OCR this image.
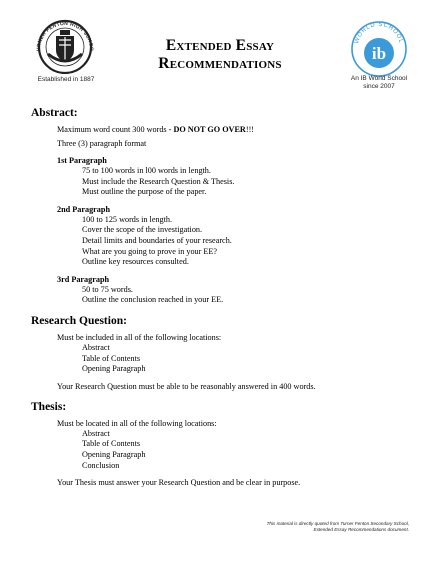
URNER FENTON HIGH SCHOO
Established in 1887
Extended Essay
Recommendations
WORLD SCHOOL
ib
An IB World School
since 2007
Abstract:
Maximum word count 300 words - DO NOT GO OVER!!!
Three (3) paragraph format
1st Paragraph
75 to 100 words in l00 words in length.
Must include the Research Question & Thesis.
Must outline the purpose of the paper.
2nd Paragraph
100 to 125 words in length.
Cover the scope of the investigation.
Detail limits and boundaries of your research.
What are you going to prove in your EE?
Outline key resources consulted.
3rd Paragraph
50 to 75 words.
Outline the conclusion reached in your EE.
Research Question:
Must be included in all of the following locations:
Abstract
Table of Contents
Opening Paragraph
Your Research Question must be able to be reasonably answered in 400 words.
Thesis:
Must be located in all of the following locations:
Abstract
Table of Contents
Opening Paragraph
Conclusion
Your Thesis must answer your Research Question and be clear in purpose.
This material is directly quoted from Turner Fenton Secondary School,
Extended Essay Recommendations document.
